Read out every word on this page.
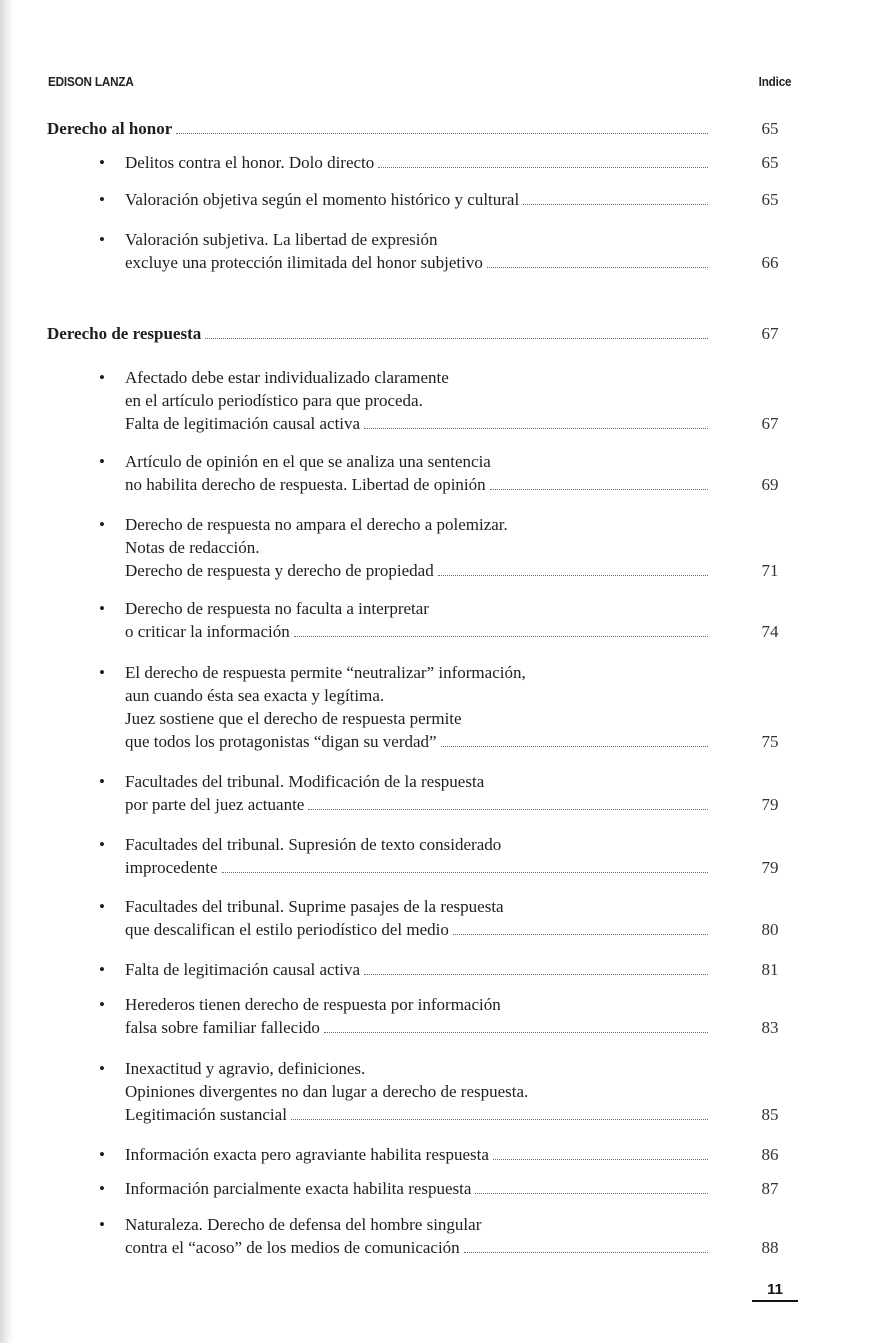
EDISON LANZA	Indice
Derecho al honor	65
• Delitos contra el honor. Dolo directo	65
• Valoración objetiva según el momento histórico y cultural	65
• Valoración subjetiva. La libertad de expresión
excluye una protección ilimitada del honor subjetivo	66
Derecho de respuesta	67
• Afectado debe estar individualizado claramente
en el artículo periodístico para que proceda.
Falta de legitimación causal activa	67
• Artículo de opinión en el que se analiza una sentencia
no habilita derecho de respuesta. Libertad de opinión	69
• Derecho de respuesta no ampara el derecho a polemizar.
Notas de redacción.
Derecho de respuesta y derecho de propiedad	71
• Derecho de respuesta no faculta a interpretar
o criticar la información	74
• El derecho de respuesta permite “neutralizar” información,
aun cuando ésta sea exacta y legítima.
Juez sostiene que el derecho de respuesta permite
que todos los protagonistas “digan su verdad”	75
• Facultades del tribunal. Modificación de la respuesta
por parte del juez actuante	79
• Facultades del tribunal. Supresión de texto considerado
improcedente	79
• Facultades del tribunal. Suprime pasajes de la respuesta
que descalifican el estilo periodístico del medio	80
• Falta de legitimación causal activa	81
• Herederos tienen derecho de respuesta por información
falsa sobre familiar fallecido	83
• Inexactitud y agravio, definiciones.
Opiniones divergentes no dan lugar a derecho de respuesta.
Legitimación sustancial	85
• Información exacta pero agraviante habilita respuesta	86
• Información parcialmente exacta habilita respuesta	87
• Naturaleza. Derecho de defensa del hombre singular
contra el “acoso” de los medios de comunicación	88
11
